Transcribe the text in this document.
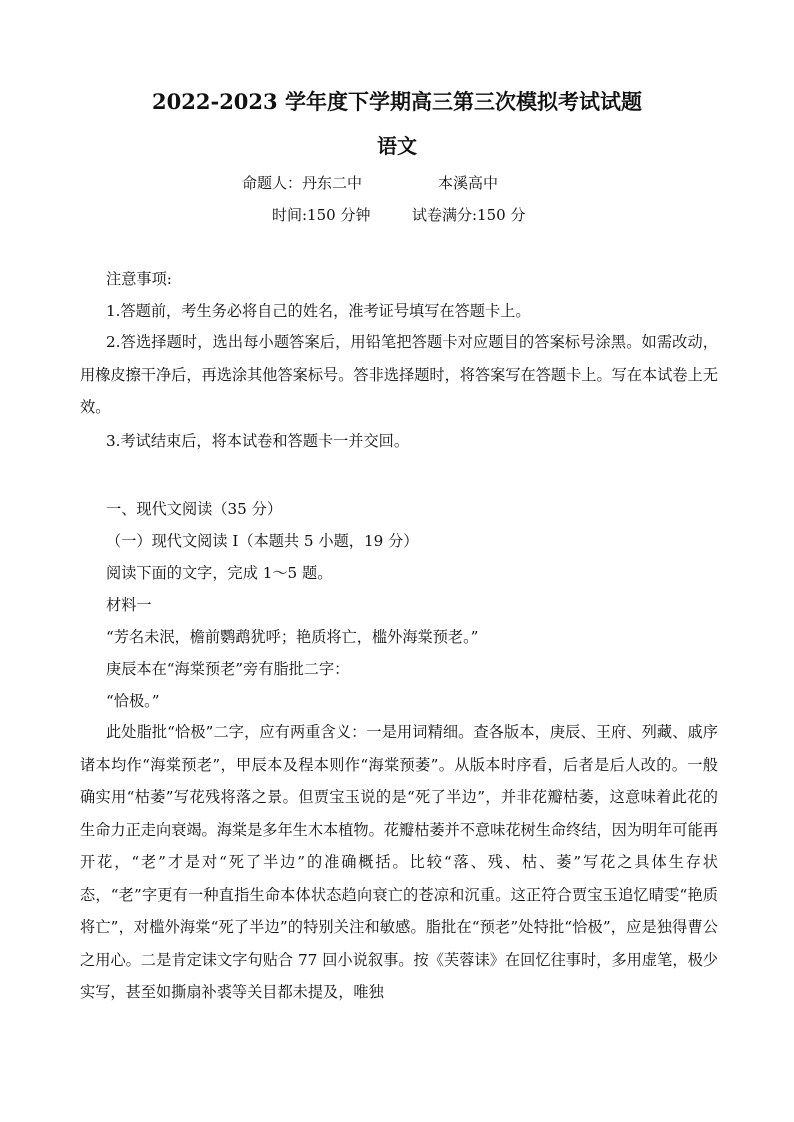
2022-2023 学年度下学期高三第三次模拟考试试题
语文
命题人：丹东二中	本溪高中
时间:150 分钟	试卷满分:150 分
注意事项:
1.答题前，考生务必将自己的姓名，准考证号填写在答题卡上。

2.答选择题时，选出每小题答案后，用铅笔把答题卡对应题目的答案标号涂黑。如需改动，用橡皮擦干净后，再选涂其他答案标号。答非选择题时，将答案写在答题卡上。写在本试卷上无效。

3.考试结束后，将本试卷和答题卡一并交回。
一、现代文阅读（35 分）
（一）现代文阅读 I（本题共 5 小题，19 分）
阅读下面的文字，完成 1～5 题。
材料一
“芳名未泯，檐前鹦鹉犹呼；艳质将亡，槛外海棠预老。”
庚辰本在“海棠预老”旁有脂批二字：
“恰极。”

此处脂批“恰极”二字，应有两重含义：一是用词精细。查各版本，庚辰、王府、列藏、戚序诸本均作“海棠预老”，甲辰本及程本则作“海棠预萎”。从版本时序看，后者是后人改的。一般确实用“枯萎”写花残将落之景。但贾宝玉说的是“死了半边”，并非花瓣枯萎，这意味着此花的生命力正走向衰竭。海棠是多年生木本植物。花瓣枯萎并不意味花树生命终结，因为明年可能再开花，“老”才是对“死了半边”的准确概括。比较“落、残、枯、萎”写花之具体生存状态，“老”字更有一种直指生命本体状态趋向衰亡的苍凉和沉重。这正符合贾宝玉追忆晴雯“艳质将亡”，对槛外海棠“死了半边”的特别关注和敏感。脂批在“预老”处特批“恰极”，应是独得曹公之用心。二是肯定诔文字句贴合 77 回小说叙事。按《芙蓉诔》在回忆往事时，多用虚笔，极少实写，甚至如撕扇补裘等关目都未提及，唯独
